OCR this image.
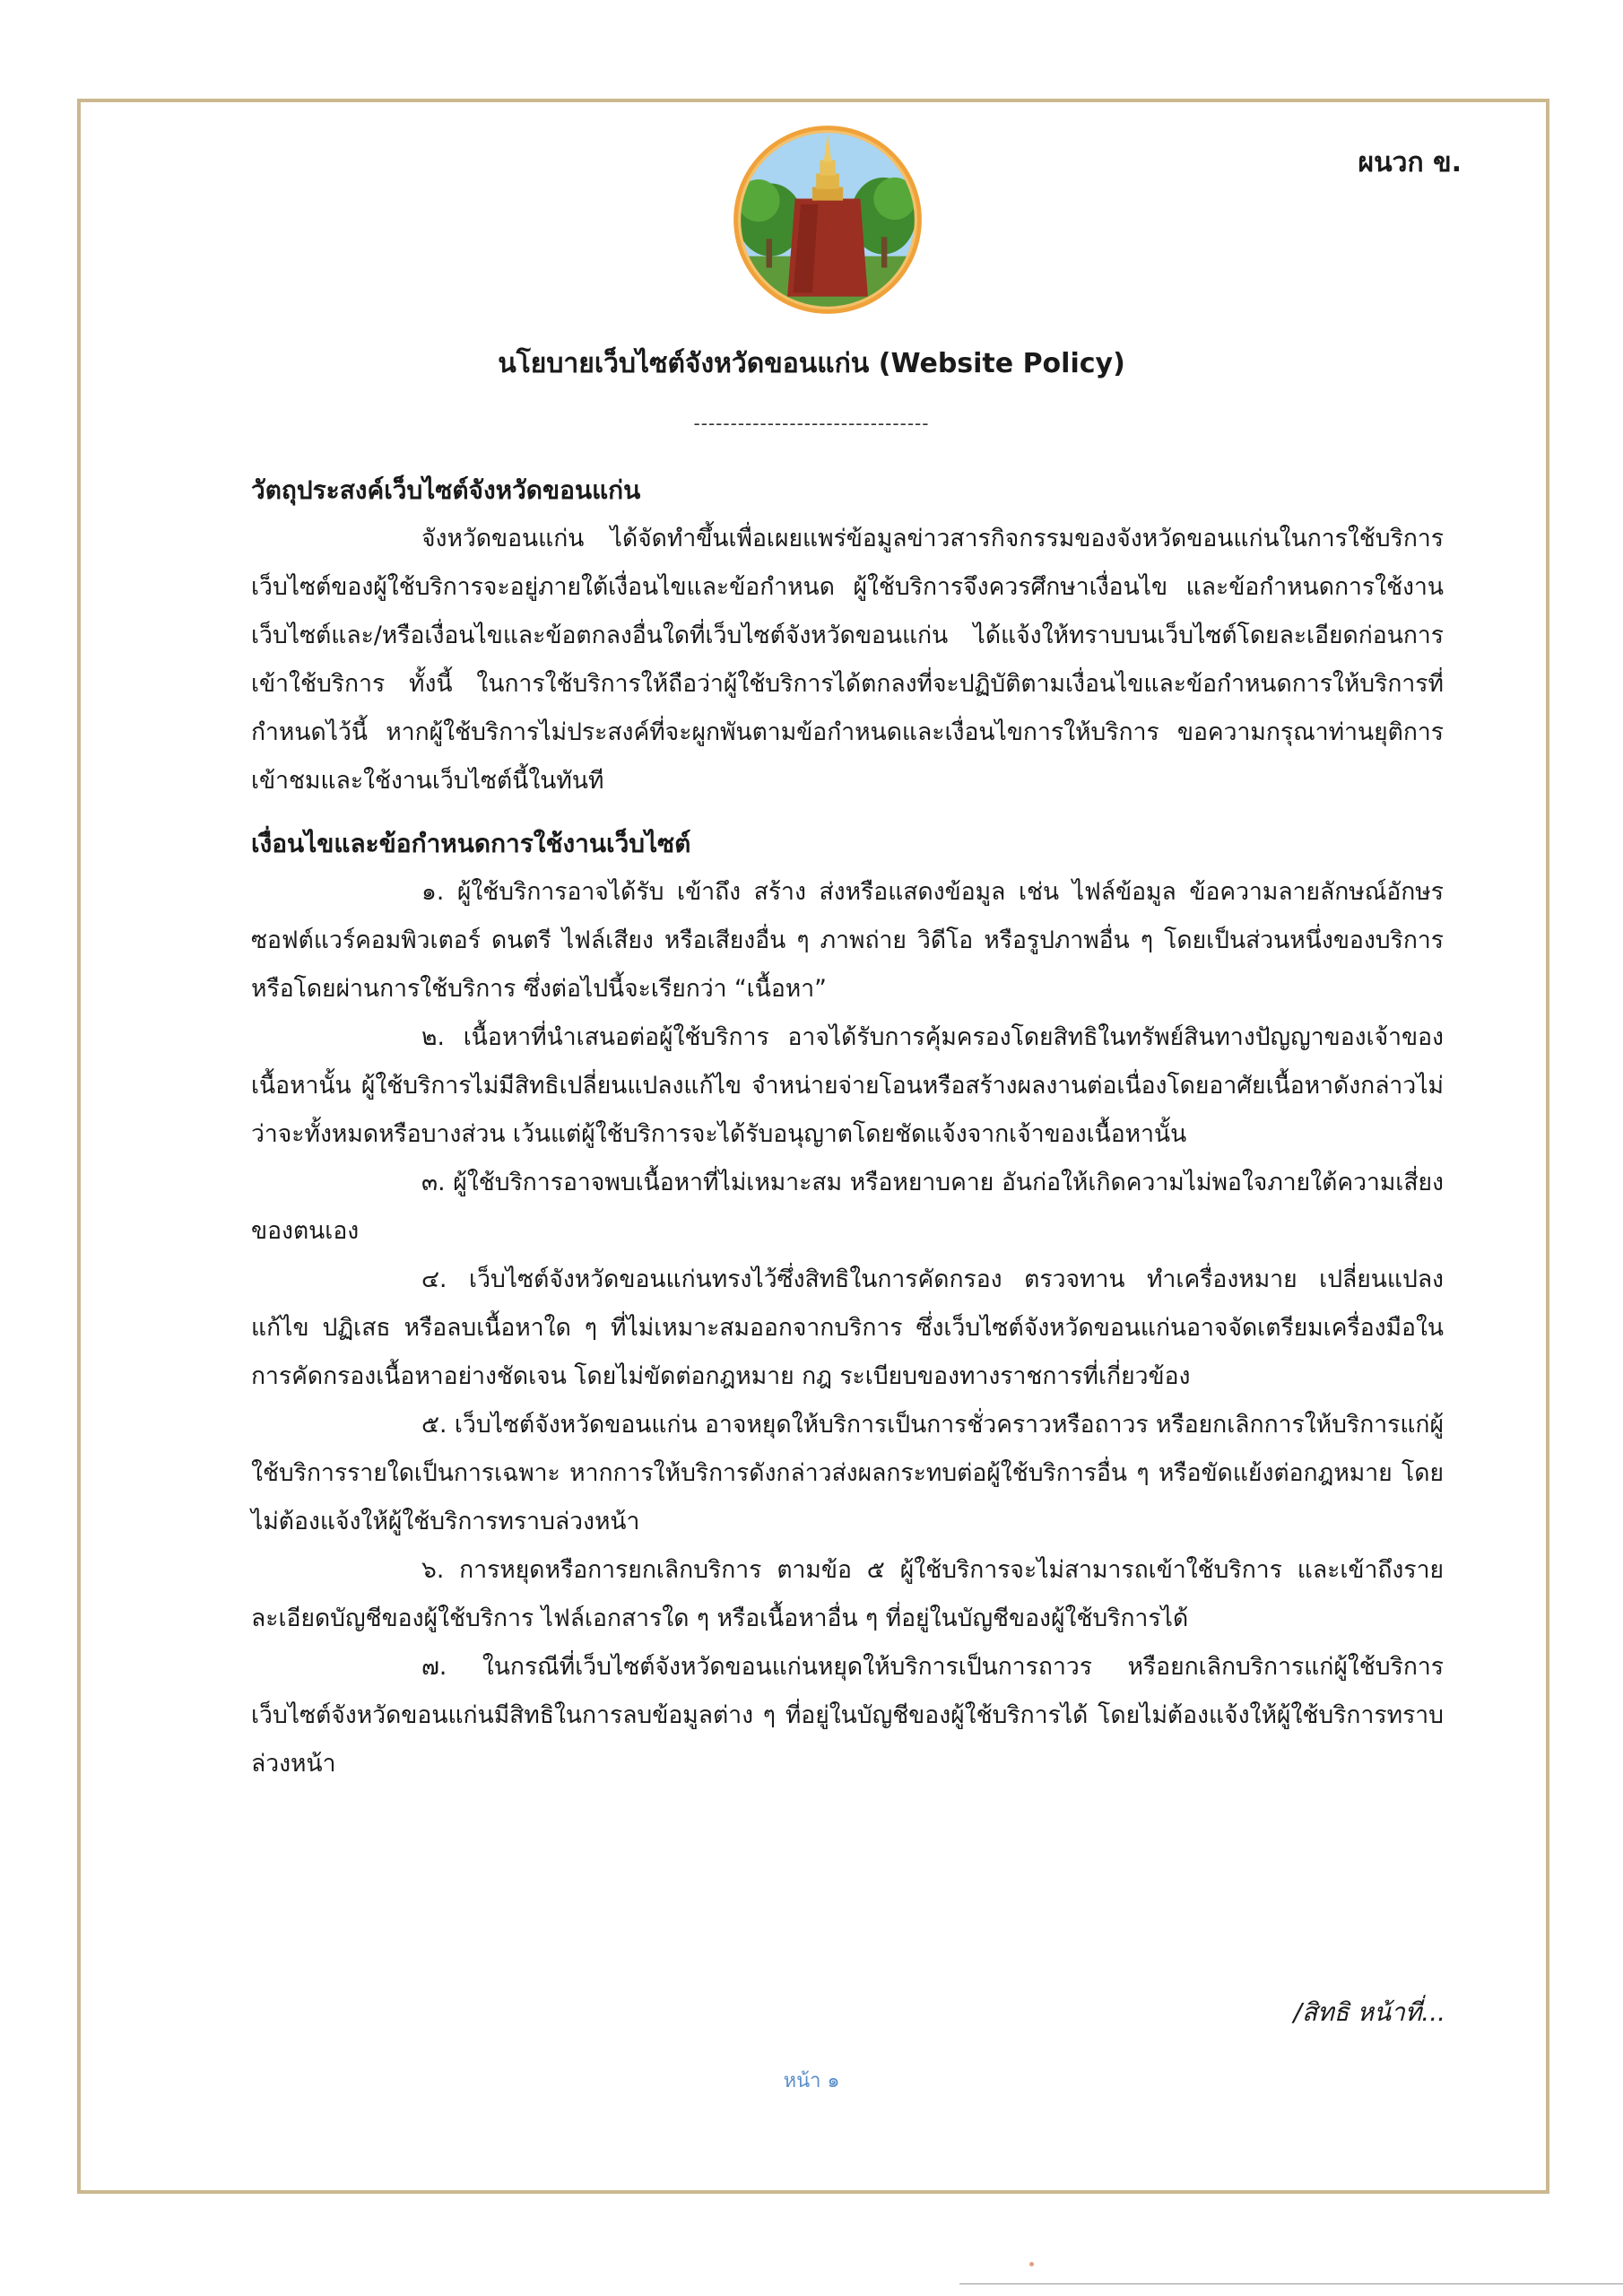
ผนวก ข.
นโยบายเว็บไซต์จังหวัดขอนแก่น (Website Policy)
--------------------------------
วัตถุประสงค์เว็บไซต์จังหวัดขอนแก่น
จังหวัดขอนแก่น ได้จัดทำขึ้นเพื่อเผยแพร่ข้อมูลข่าวสารกิจกรรมของจังหวัดขอนแก่นในการใช้บริการเว็บไซต์ของผู้ใช้บริการจะอยู่ภายใต้เงื่อนไขและข้อกำหนด ผู้ใช้บริการจึงควรศึกษาเงื่อนไข และข้อกำหนดการใช้งานเว็บไซต์และ/หรือเงื่อนไขและข้อตกลงอื่นใดที่เว็บไซต์จังหวัดขอนแก่น ได้แจ้งให้ทราบบนเว็บไซต์โดยละเอียดก่อนการเข้าใช้บริการ ทั้งนี้ ในการใช้บริการให้ถือว่าผู้ใช้บริการได้ตกลงที่จะปฏิบัติตามเงื่อนไขและข้อกำหนดการให้บริการที่กำหนดไว้นี้ หากผู้ใช้บริการไม่ประสงค์ที่จะผูกพันตามข้อกำหนดและเงื่อนไขการให้บริการ ขอความกรุณาท่านยุติการเข้าชมและใช้งานเว็บไซต์นี้ในทันที
เงื่อนไขและข้อกำหนดการใช้งานเว็บไซต์
๑. ผู้ใช้บริการอาจได้รับ เข้าถึง สร้าง ส่งหรือแสดงข้อมูล เช่น ไฟล์ข้อมูล ข้อความลายลักษณ์อักษร ซอฟต์แวร์คอมพิวเตอร์ ดนตรี ไฟล์เสียง หรือเสียงอื่น ๆ ภาพถ่าย วิดีโอ หรือรูปภาพอื่น ๆ โดยเป็นส่วนหนึ่งของบริการหรือโดยผ่านการใช้บริการ ซึ่งต่อไปนี้จะเรียกว่า “เนื้อหา”
๒. เนื้อหาที่นำเสนอต่อผู้ใช้บริการ อาจได้รับการคุ้มครองโดยสิทธิในทรัพย์สินทางปัญญาของเจ้าของเนื้อหานั้น ผู้ใช้บริการไม่มีสิทธิเปลี่ยนแปลงแก้ไข จำหน่ายจ่ายโอนหรือสร้างผลงานต่อเนื่องโดยอาศัยเนื้อหาดังกล่าวไม่ว่าจะทั้งหมดหรือบางส่วน เว้นแต่ผู้ใช้บริการจะได้รับอนุญาตโดยชัดแจ้งจากเจ้าของเนื้อหานั้น
๓. ผู้ใช้บริการอาจพบเนื้อหาที่ไม่เหมาะสม หรือหยาบคาย อันก่อให้เกิดความไม่พอใจภายใต้ความเสี่ยงของตนเอง
๔. เว็บไซต์จังหวัดขอนแก่นทรงไว้ซึ่งสิทธิในการคัดกรอง ตรวจทาน ทำเครื่องหมาย เปลี่ยนแปลงแก้ไข ปฏิเสธ หรือลบเนื้อหาใด ๆ ที่ไม่เหมาะสมออกจากบริการ ซึ่งเว็บไซต์จังหวัดขอนแก่นอาจจัดเตรียมเครื่องมือในการคัดกรองเนื้อหาอย่างชัดเจน โดยไม่ขัดต่อกฎหมาย กฎ ระเบียบของทางราชการที่เกี่ยวข้อง
๕. เว็บไซต์จังหวัดขอนแก่น อาจหยุดให้บริการเป็นการชั่วคราวหรือถาวร หรือยกเลิกการให้บริการแก่ผู้ใช้บริการรายใดเป็นการเฉพาะ หากการให้บริการดังกล่าวส่งผลกระทบต่อผู้ใช้บริการอื่น ๆ หรือขัดแย้งต่อกฎหมาย โดยไม่ต้องแจ้งให้ผู้ใช้บริการทราบล่วงหน้า
๖. การหยุดหรือการยกเลิกบริการ ตามข้อ ๕ ผู้ใช้บริการจะไม่สามารถเข้าใช้บริการ และเข้าถึงรายละเอียดบัญชีของผู้ใช้บริการ ไฟล์เอกสารใด ๆ หรือเนื้อหาอื่น ๆ ที่อยู่ในบัญชีของผู้ใช้บริการได้
๗. ในกรณีที่เว็บไซต์จังหวัดขอนแก่นหยุดให้บริการเป็นการถาวร หรือยกเลิกบริการแก่ผู้ใช้บริการ เว็บไซต์จังหวัดขอนแก่นมีสิทธิในการลบข้อมูลต่าง ๆ ที่อยู่ในบัญชีของผู้ใช้บริการได้ โดยไม่ต้องแจ้งให้ผู้ใช้บริการทราบล่วงหน้า
/สิทธิ หน้าที่...
หน้า ๑
